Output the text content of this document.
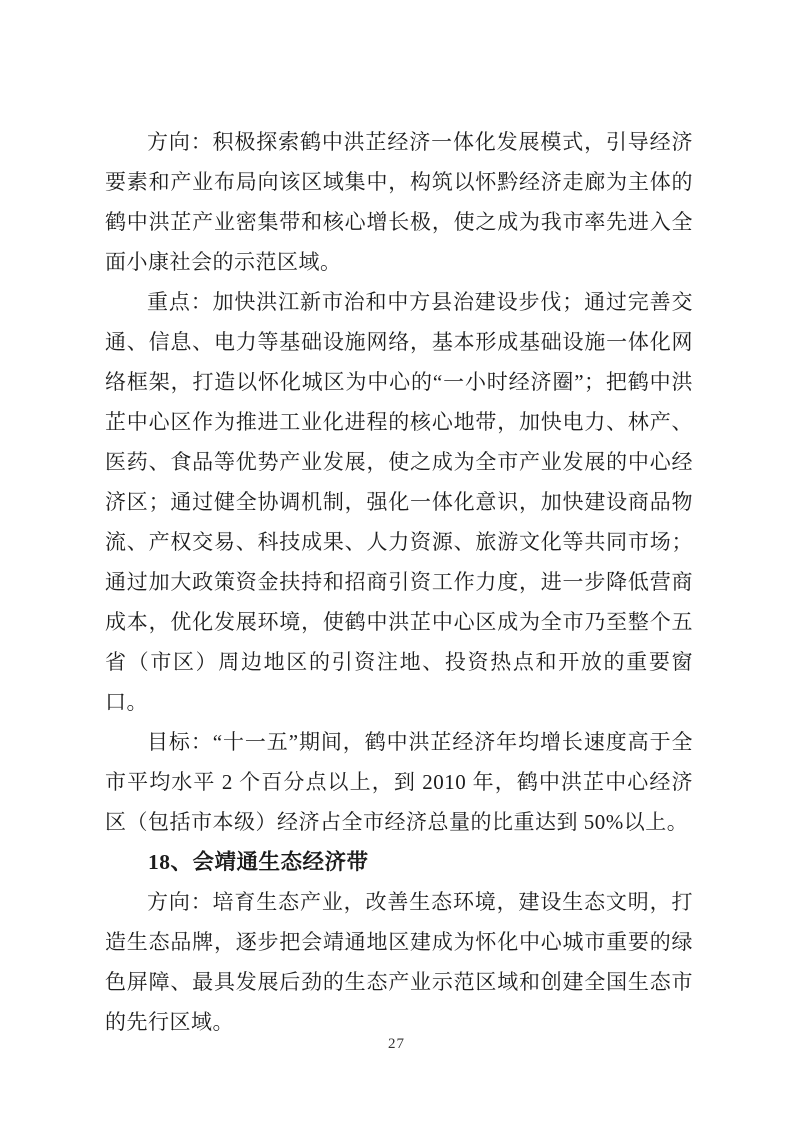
方向：积极探索鹤中洪芷经济一体化发展模式，引导经济要素和产业布局向该区域集中，构筑以怀黔经济走廊为主体的鹤中洪芷产业密集带和核心增长极，使之成为我市率先进入全面小康社会的示范区域。

重点：加快洪江新市治和中方县治建设步伐；通过完善交通、信息、电力等基础设施网络，基本形成基础设施一体化网络框架，打造以怀化城区为中心的“一小时经济圈”；把鹤中洪芷中心区作为推进工业化进程的核心地带，加快电力、林产、医药、食品等优势产业发展，使之成为全市产业发展的中心经济区；通过健全协调机制，强化一体化意识，加快建设商品物流、产权交易、科技成果、人力资源、旅游文化等共同市场；通过加大政策资金扶持和招商引资工作力度，进一步降低营商成本，优化发展环境，使鹤中洪芷中心区成为全市乃至整个五省（市区）周边地区的引资注地、投资热点和开放的重要窗口。

目标：“十一五”期间，鹤中洪芷经济年均增长速度高于全市平均水平 2 个百分点以上，到 2010 年，鹤中洪芷中心经济区（包括市本级）经济占全市经济总量的比重达到 50%以上。

18、会靖通生态经济带

方向：培育生态产业，改善生态环境，建设生态文明，打造生态品牌，逐步把会靖通地区建成为怀化中心城市重要的绿色屏障、最具发展后劲的生态产业示范区域和创建全国生态市的先行区域。

27
